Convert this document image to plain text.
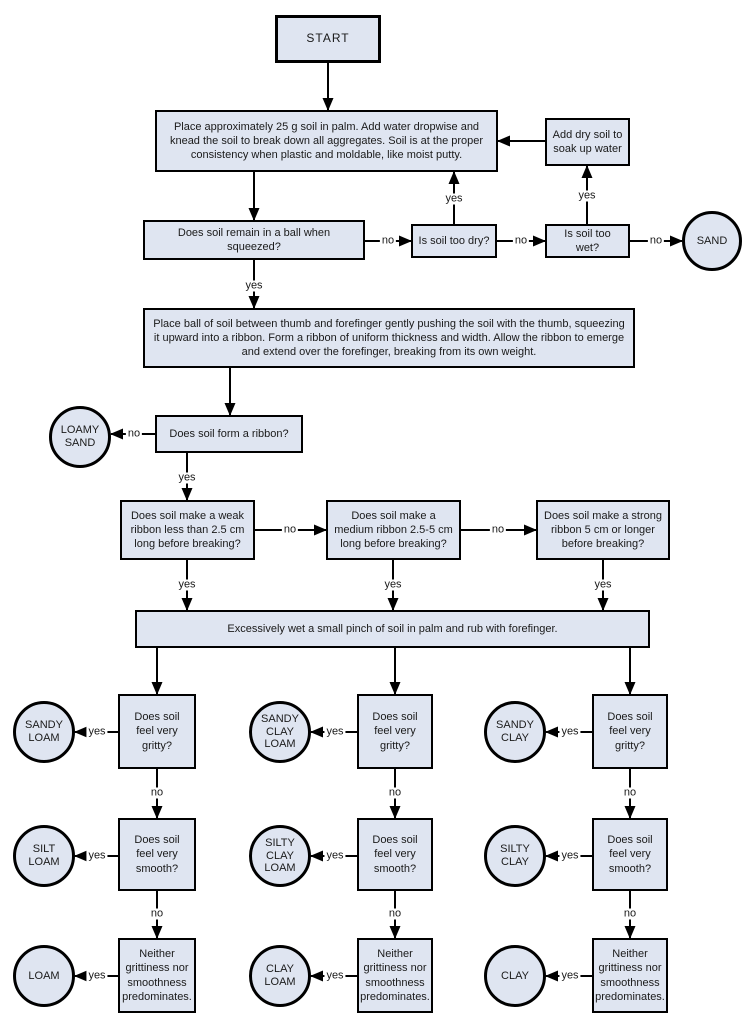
START
Place approximately 25 g soil in palm. Add water dropwise and knead the soil to break down all aggregates. Soil is at the proper consistency when plastic and moldable, like moist putty.
Add dry soil to soak up water
Does soil remain in a ball when squeezed?
Is soil too dry?
Is soil too wet?
SAND
Place ball of soil between thumb and forefinger gently pushing the soil with the thumb, squeezing it upward into a ribbon. Form a ribbon of uniform thickness and width. Allow the ribbon to emerge and extend over the forefinger, breaking from its own weight.
Does soil form a ribbon?
LOAMY SAND
Does soil make a weak ribbon less than 2.5 cm long before breaking?
Does soil make a medium ribbon 2.5-5 cm long before breaking?
Does soil make a strong ribbon 5 cm or longer before breaking?
Excessively wet a small pinch of soil in palm and rub with forefinger.
Does soil feel very gritty?
SANDY LOAM
Does soil feel very smooth?
SILT LOAM
Neither grittiness nor smoothness predominates.
LOAM
Does soil feel very gritty?
SANDY CLAY LOAM
Does soil feel very smooth?
SILTY CLAY LOAM
Neither grittiness nor smoothness predominates.
CLAY LOAM
Does soil feel very gritty?
SANDY CLAY
Does soil feel very smooth?
SILTY CLAY
Neither grittiness nor smoothness predominates.
CLAY
no
yes
no
yes
no
yes
no
yes
no	no
yes	yes	yes
yes
no
yes
no
yes
yes
no
yes
no
yes
yes
no
yes
no
yes
